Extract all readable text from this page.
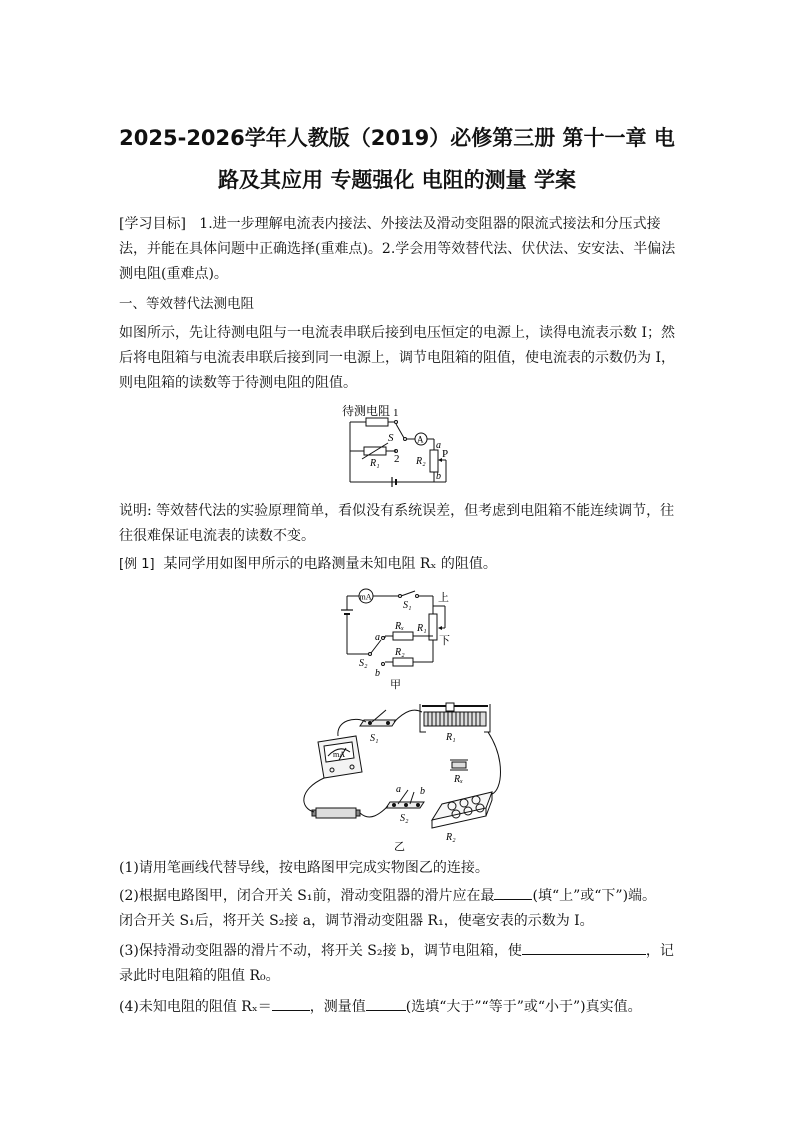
2025-2026学年人教版（2019）必修第三册 第十一章 电
路及其应用 专题强化 电阻的测量 学案
[学习目标] 1.进一步理解电流表内接法、外接法及滑动变阻器的限流式接法和分压式接法，并能在具体问题中正确选择(重难点)。2.学会用等效替代法、伏伏法、安安法、半偏法测电阻(重难点)。
一、等效替代法测电阻
如图所示，先让待测电阻与一电流表串联后接到电压恒定的电源上，读得电流表示数 I；然后将电阻箱与电流表串联后接到同一电源上，调节电阻箱的阻值，使电流表的示数仍为 I，则电阻箱的读数等于待测电阻的阻值。
待测电阻 1
S
2
A
R₁	R₂
a
P
b
说明: 等效替代法的实验原理简单，看似没有系统误差，但考虑到电阻箱不能连续调节，往往很难保证电流表的读数不变。
[例 1] 某同学用如图甲所示的电路测量未知电阻 Rₓ 的阻值。
mA
S₁
上
下
R₁
Rₓ
R₂
a
S₂
b
甲
S₁	R₁
Rₓ
mA
a b
S₂
R₂
乙
(1)请用笔画线代替导线，按电路图甲完成实物图乙的连接。
(2)根据电路图甲，闭合开关 S₁前，滑动变阻器的滑片应在最	(填“上”或“下”)端。
闭合开关 S₁后，将开关 S₂接 a，调节滑动变阻器 R₁，使毫安表的示数为 I。
(3)保持滑动变阻器的滑片不动，将开关 S₂接 b，调节电阻箱，使	，记
录此时电阻箱的阻值 R₀。
(4)未知电阻的阻值 Rₓ＝	，测量值	(选填“大于”“等于”或“小于”)真实值。
